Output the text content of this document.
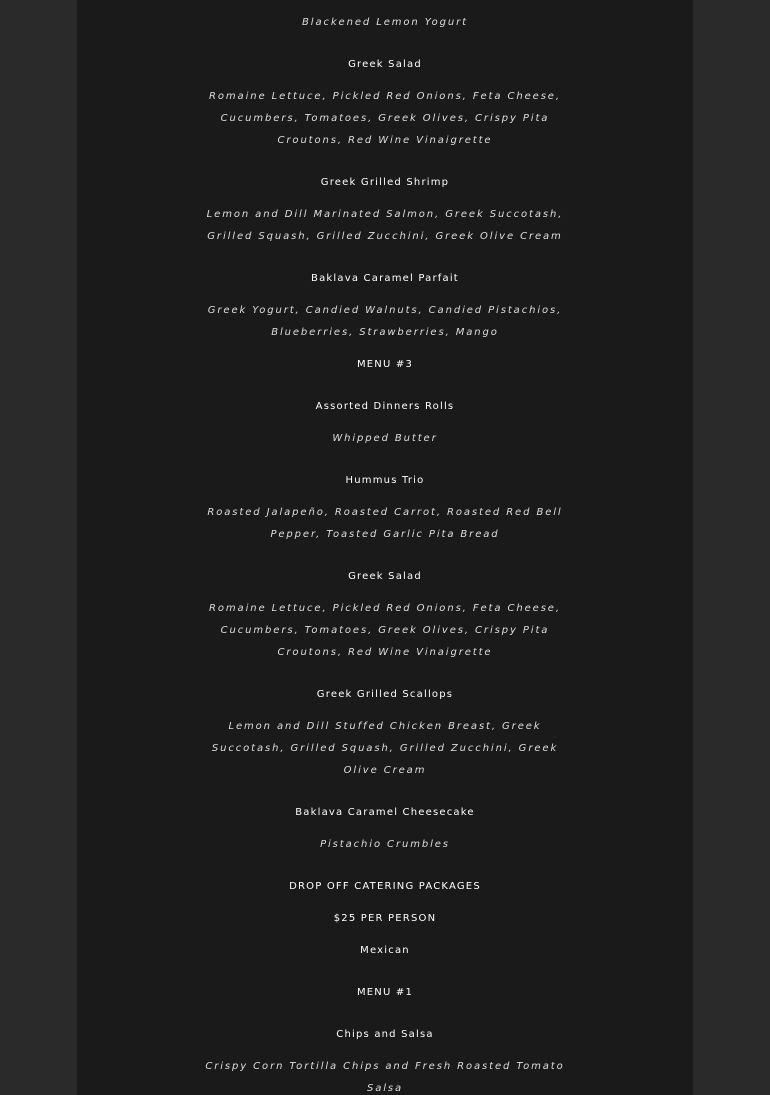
Blackened Lemon Yogurt

Greek Salad

Romaine Lettuce, Pickled Red Onions, Feta Cheese,

Cucumbers, Tomatoes, Greek Olives, Crispy Pita

Croutons, Red Wine Vinaigrette

Greek Grilled Shrimp

Lemon and Dill Marinated Salmon, Greek Succotash,

Grilled Squash, Grilled Zucchini, Greek Olive Cream

Baklava Caramel Parfait

Greek Yogurt, Candied Walnuts, Candied Pistachios,

Blueberries, Strawberries, Mango

MENU #3

Assorted Dinners Rolls

Whipped Butter

Hummus Trio

Roasted Jalapeño, Roasted Carrot, Roasted Red Bell

Pepper, Toasted Garlic Pita Bread

Greek Salad

Romaine Lettuce, Pickled Red Onions, Feta Cheese,

Cucumbers, Tomatoes, Greek Olives, Crispy Pita

Croutons, Red Wine Vinaigrette

Greek Grilled Scallops

Lemon and Dill Stuffed Chicken Breast, Greek

Succotash, Grilled Squash, Grilled Zucchini, Greek

Olive Cream

Baklava Caramel Cheesecake

Pistachio Crumbles

DROP OFF CATERING PACKAGES

$25 PER PERSON

Mexican

MENU #1

Chips and Salsa

Crispy Corn Tortilla Chips and Fresh Roasted Tomato

Salsa
